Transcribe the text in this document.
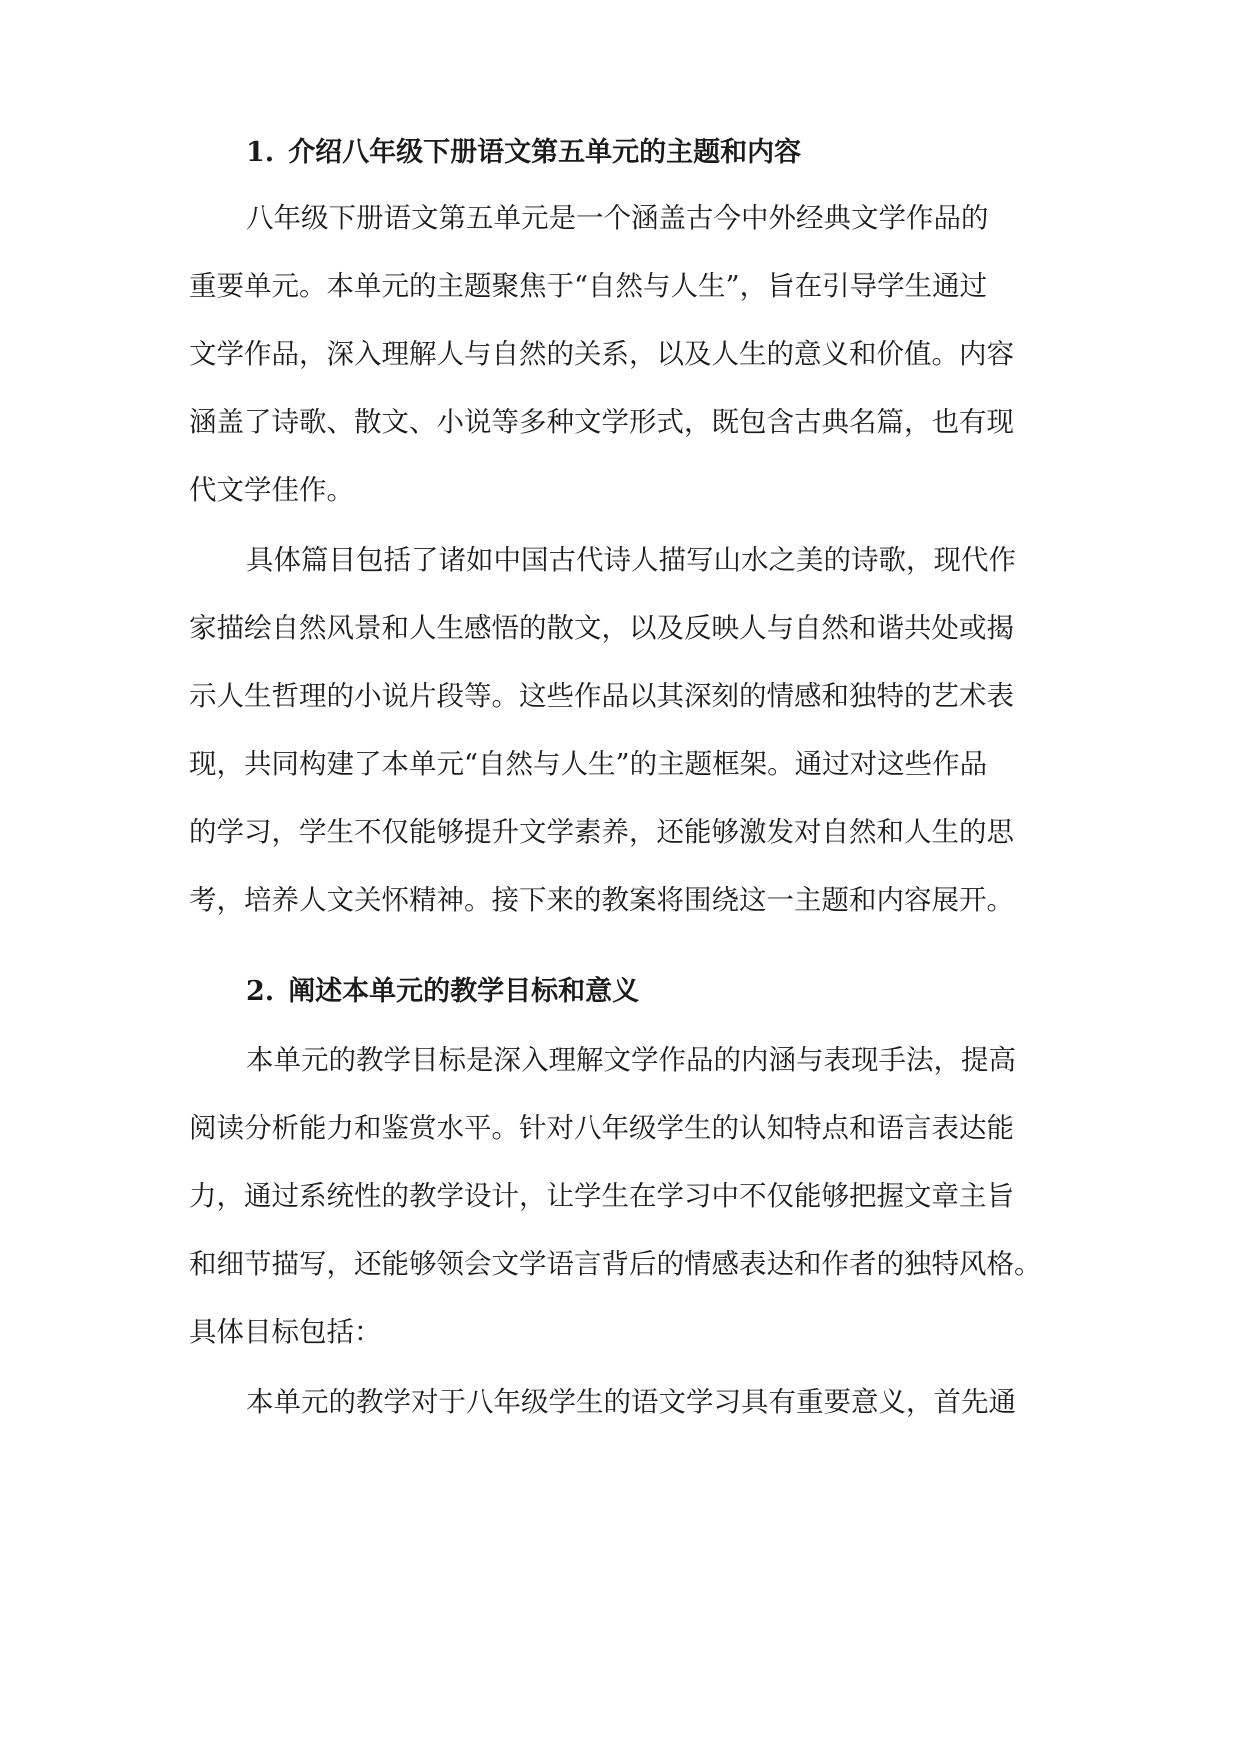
1. 介绍八年级下册语文第五单元的主题和内容
八年级下册语文第五单元是一个涵盖古今中外经典文学作品的
重要单元。本单元的主题聚焦于“自然与人生”，旨在引导学生通过
文学作品，深入理解人与自然的关系，以及人生的意义和价值。内容
涵盖了诗歌、散文、小说等多种文学形式，既包含古典名篇，也有现
代文学佳作。
具体篇目包括了诸如中国古代诗人描写山水之美的诗歌，现代作
家描绘自然风景和人生感悟的散文，以及反映人与自然和谐共处或揭
示人生哲理的小说片段等。这些作品以其深刻的情感和独特的艺术表
现，共同构建了本单元“自然与人生”的主题框架。通过对这些作品
的学习，学生不仅能够提升文学素养，还能够激发对自然和人生的思
考，培养人文关怀精神。接下来的教案将围绕这一主题和内容展开。
2. 阐述本单元的教学目标和意义
本单元的教学目标是深入理解文学作品的内涵与表现手法，提高
阅读分析能力和鉴赏水平。针对八年级学生的认知特点和语言表达能
力，通过系统性的教学设计，让学生在学习中不仅能够把握文章主旨
和细节描写，还能够领会文学语言背后的情感表达和作者的独特风格。
具体目标包括：
本单元的教学对于八年级学生的语文学习具有重要意义，首先通
